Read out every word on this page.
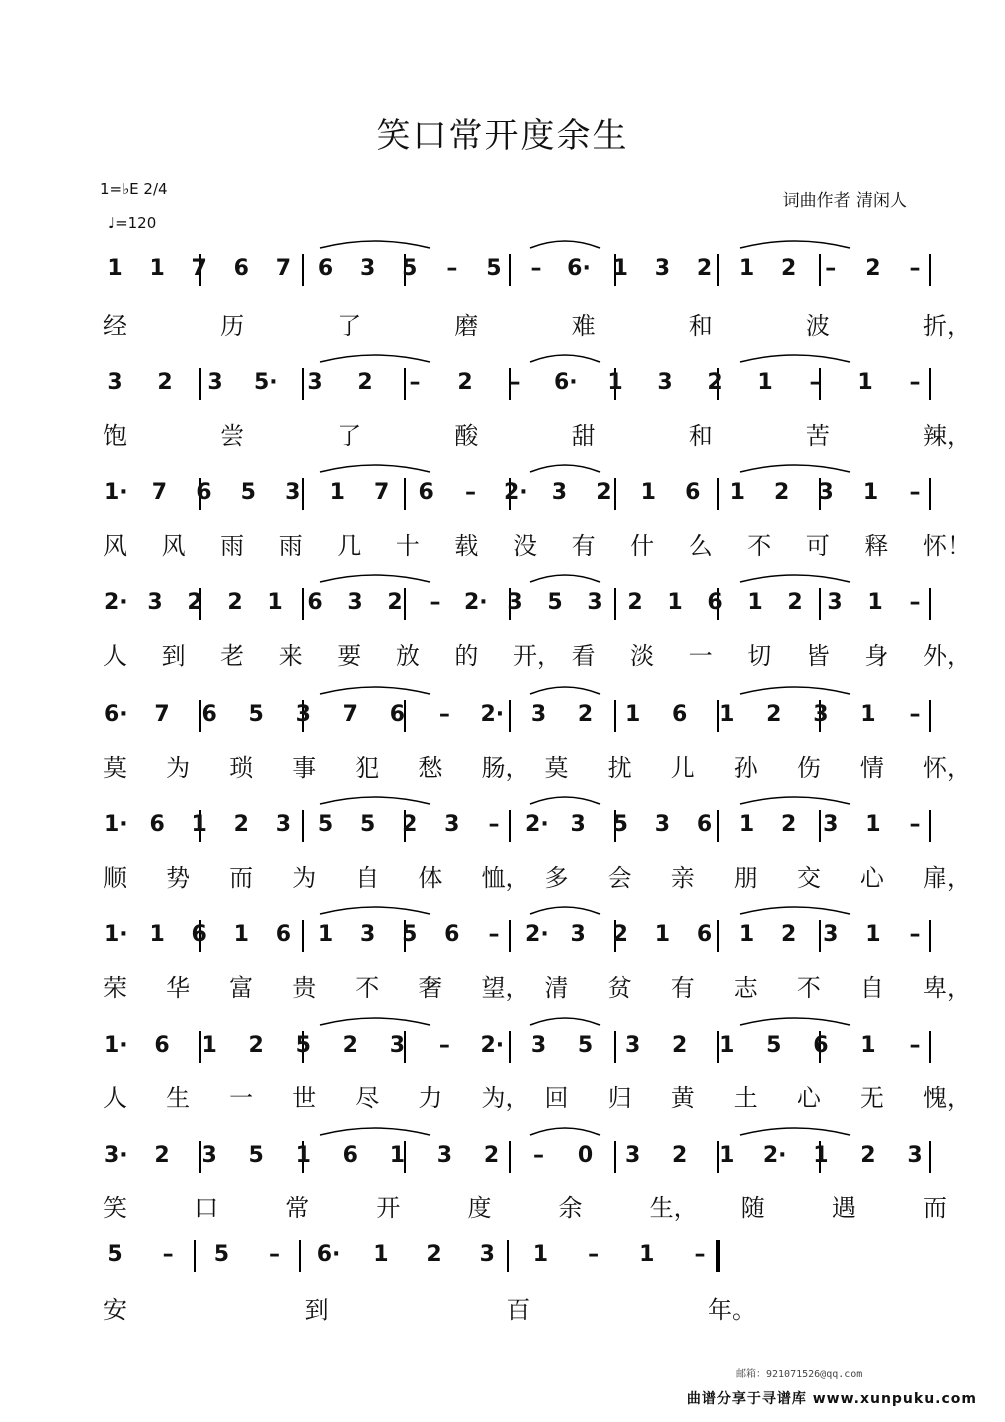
笑口常开度余生
1=♭E 2/4
♩=120
词曲作者 清闲人
1 1 7 6 7 6 3 5 – 5 – 6· 1 3 2 1 2 – 2 –
经	历	了	磨	难	和	波	折，
3 2 3 5· 3 2 – 2 – 6· 1 3 2 1 – 1 –
饱	尝	了	酸	甜	和	苦	辣，
1· 7 6 5 3 1 7 6 – 2· 3 2 1 6 1 2 3 1 –
风 风 雨 雨 几 十 载 没 有 什 么 不 可 释 怀！
2· 3 2 2 1 6 3 2 – 2· 3 5 3 2 1 6 1 2 3 1 –
人 到 老 来 要 放 的 开， 看 淡 一 切 皆 身 外，
6· 7 6 5 3 7 6 – 2· 3 2 1 6 1 2 3 1 –
莫 为 琐 事 犯 愁 肠， 莫 扰 儿 孙 伤 情 怀，
1· 6 1 2 3 5 5 2 3 – 2· 3 5 3 6 1 2 3 1 –
顺 势 而 为 自 体 恤， 多 会 亲 朋 交 心 扉，
1· 1 6 1 6 1 3 5 6 – 2· 3 2 1 6 1 2 3 1 –
荣 华 富 贵 不 奢 望， 清 贫 有 志 不 自 卑，
1· 6 1 2 5 2 3 – 2· 3 5 3 2 1 5 6 1 –
人 生 一 世 尽 力 为， 回 归 黄 土 心 无 愧，
3· 2 3 5 1 6 1 3 2 – 0 3 2 1 2· 1 2 3
笑	口	常	开	度	余	生， 随	遇	而
5 – 5 – 6· 1 2 3 1 – 1 –
安	到	百	年。
邮箱：921071526@qq.com
曲谱分享于寻谱库 www.xunpuku.com
